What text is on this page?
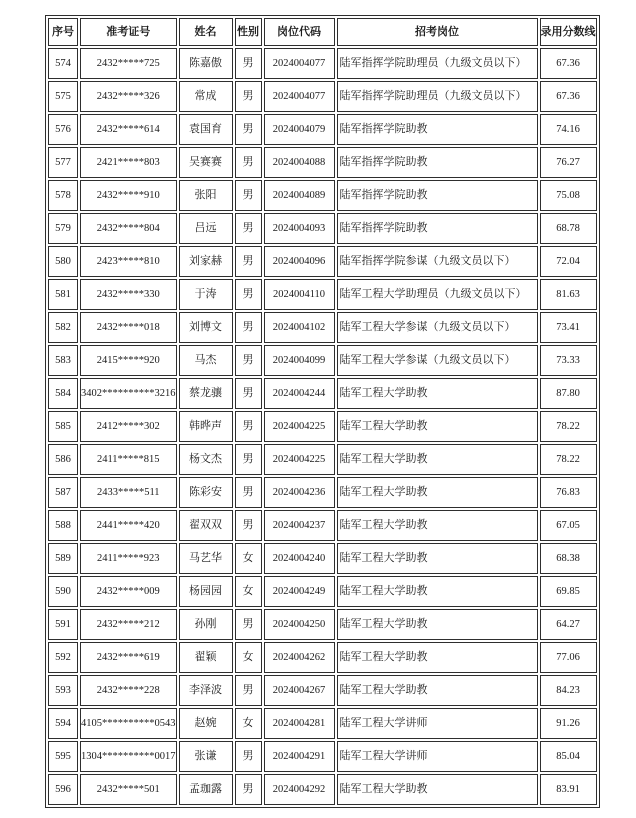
序号	准考证号	姓名	性别	岗位代码	招考岗位	录用分数线
574	2432*****725	陈嘉傲	男	2024004077	陆军指挥学院助理员（九级文员以下）	67.36
575	2432*****326	常成	男	2024004077	陆军指挥学院助理员（九级文员以下）	67.36
576	2432*****614	袁国育	男	2024004079	陆军指挥学院助教	74.16
577	2421*****803	吴赛赛	男	2024004088	陆军指挥学院助教	76.27
578	2432*****910	张阳	男	2024004089	陆军指挥学院助教	75.08
579	2432*****804	吕远	男	2024004093	陆军指挥学院助教	68.78
580	2423*****810	刘家赫	男	2024004096	陆军指挥学院参谋（九级文员以下）	72.04
581	2432*****330	于涛	男	2024004110	陆军工程大学助理员（九级文员以下）	81.63
582	2432*****018	刘博文	男	2024004102	陆军工程大学参谋（九级文员以下）	73.41
583	2415*****920	马杰	男	2024004099	陆军工程大学参谋（九级文员以下）	73.33
584	3402**********3216	蔡龙骧	男	2024004244	陆军工程大学助教	87.80
585	2412*****302	韩晔声	男	2024004225	陆军工程大学助教	78.22
586	2411*****815	杨文杰	男	2024004225	陆军工程大学助教	78.22
587	2433*****511	陈彩安	男	2024004236	陆军工程大学助教	76.83
588	2441*****420	翟双双	男	2024004237	陆军工程大学助教	67.05
589	2411*****923	马艺华	女	2024004240	陆军工程大学助教	68.38
590	2432*****009	杨园园	女	2024004249	陆军工程大学助教	69.85
591	2432*****212	孙刚	男	2024004250	陆军工程大学助教	64.27
592	2432*****619	翟颖	女	2024004262	陆军工程大学助教	77.06
593	2432*****228	李泽波	男	2024004267	陆军工程大学助教	84.23
594	4105**********0543	赵婉	女	2024004281	陆军工程大学讲师	91.26
595	1304**********0017	张谦	男	2024004291	陆军工程大学讲师	85.04
596	2432*****501	孟珈露	男	2024004292	陆军工程大学助教	83.91
